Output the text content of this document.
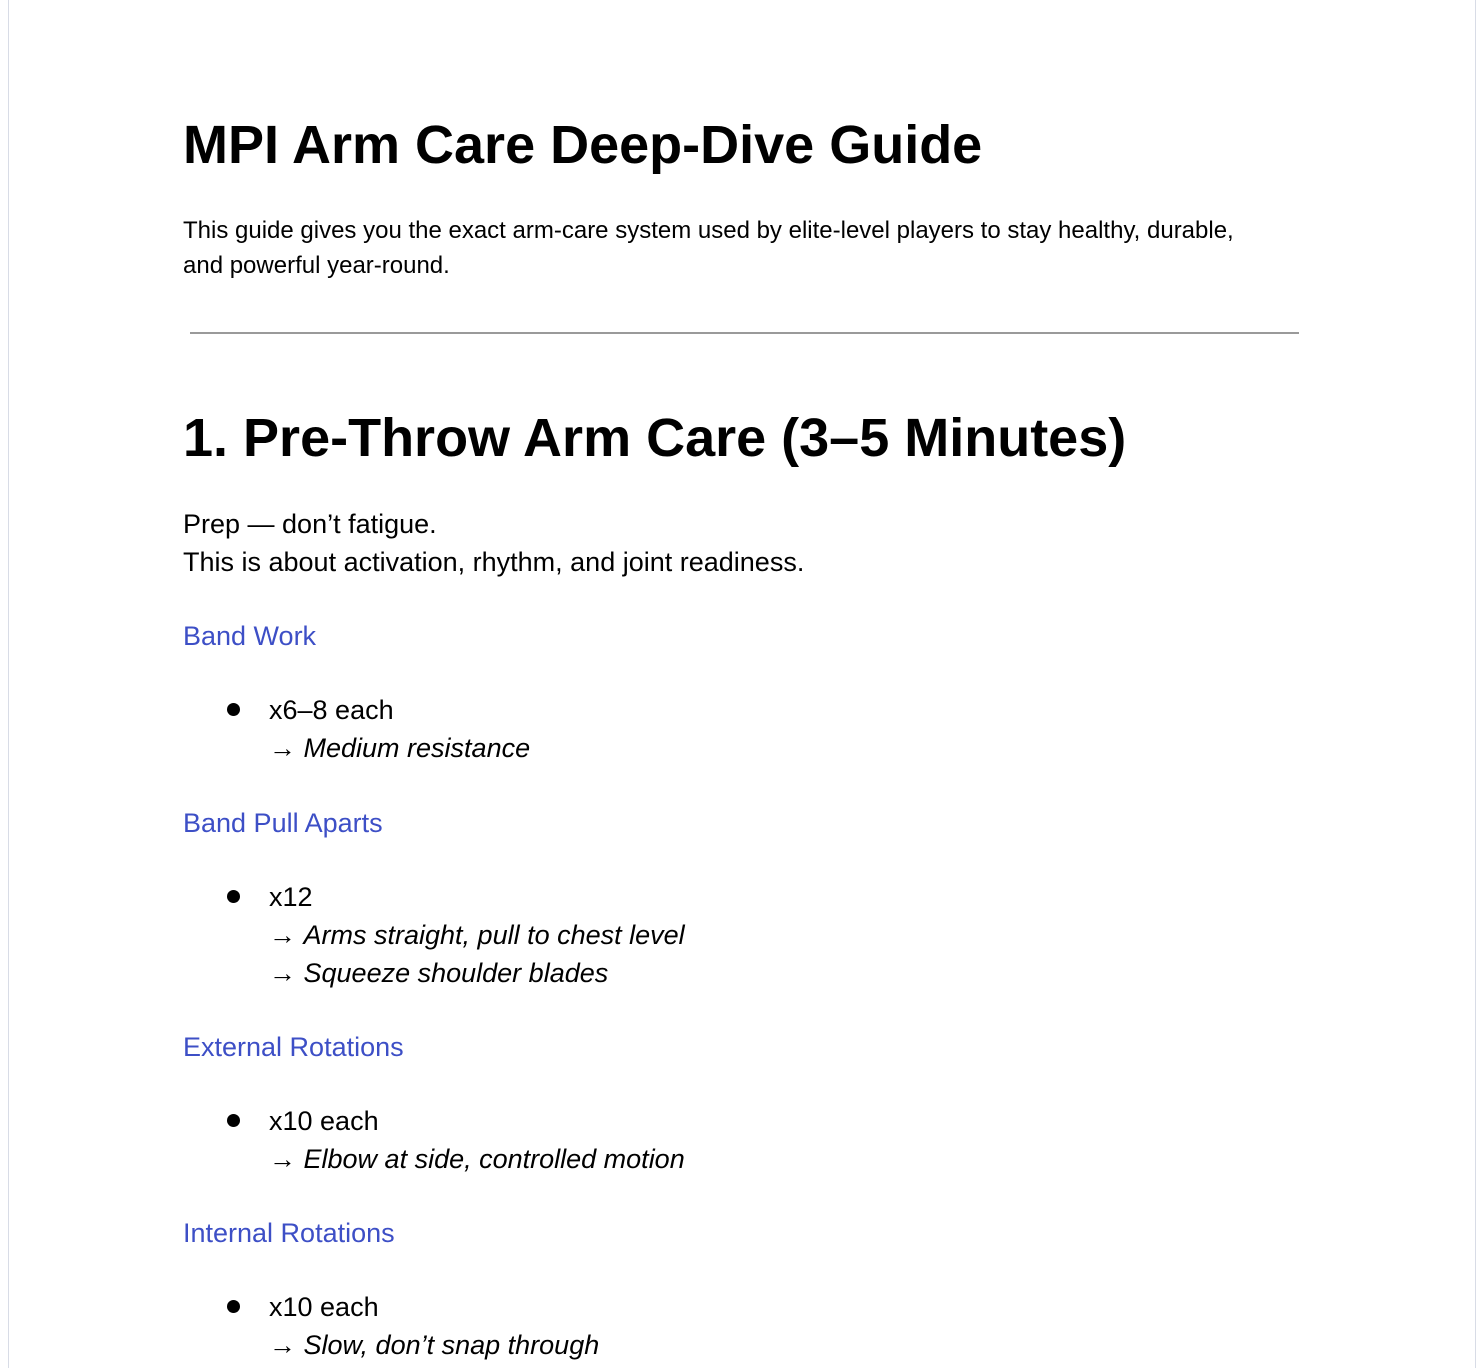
MPI Arm Care Deep-Dive Guide

This guide gives you the exact arm-care system used by elite-level players to stay healthy, durable, and powerful year-round.

1. Pre-Throw Arm Care (3–5 Minutes)

Prep — don’t fatigue.
This is about activation, rhythm, and joint readiness.

Band Work
x6–8 each
→ Medium resistance
Band Pull Aparts
x12
→ Arms straight, pull to chest level
→ Squeeze shoulder blades
External Rotations
x10 each
→ Elbow at side, controlled motion
Internal Rotations
x10 each
→ Slow, don’t snap through
